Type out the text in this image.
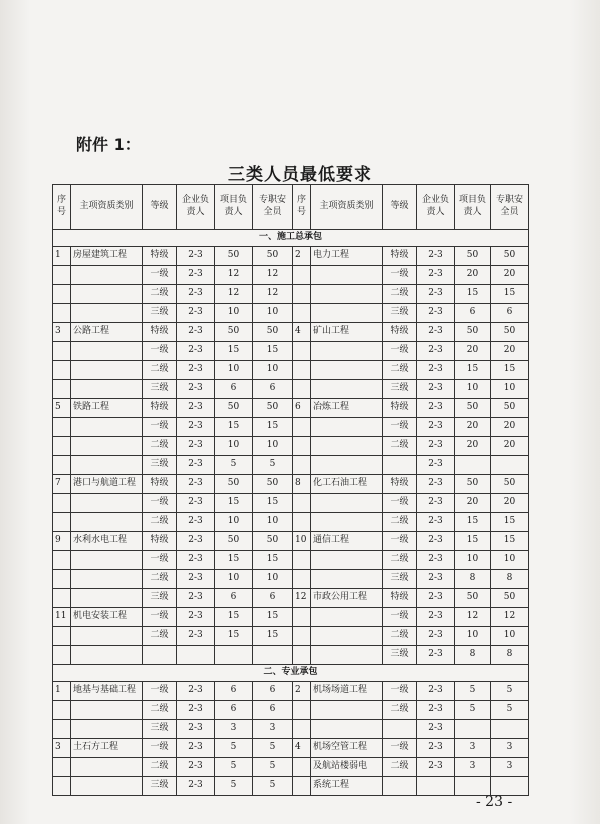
附件 1：
三类人员最低要求
序号	主项资质类别	等级	企业负责人	项目负责人	专职安全员	序号	主项资质类别	等级	企业负责人	项目负责人	专职安全员
一、施工总承包											
1	房屋建筑工程	特级	2-3	50	50	2	电力工程	特级	2-3	50	50
		一级	2-3	12	12			一级	2-3	20	20
		二级	2-3	12	12			二级	2-3	15	15
		三级	2-3	10	10			三级	2-3	6	6
3	公路工程	特级	2-3	50	50	4	矿山工程	特级	2-3	50	50
		一级	2-3	15	15			一级	2-3	20	20
		二级	2-3	10	10			二级	2-3	15	15
		三级	2-3	6	6			三级	2-3	10	10
5	铁路工程	特级	2-3	50	50	6	冶炼工程	特级	2-3	50	50
		一级	2-3	15	15			一级	2-3	20	20
		二级	2-3	10	10			二级	2-3	20	20
		三级	2-3	5	5				2-3		
7	港口与航道工程	特级	2-3	50	50	8	化工石油工程	特级	2-3	50	50
		一级	2-3	15	15			一级	2-3	20	20
		二级	2-3	10	10			二级	2-3	15	15
9	水利水电工程	特级	2-3	50	50	10	通信工程	一级	2-3	15	15
		一级	2-3	15	15			二级	2-3	10	10
		二级	2-3	10	10			三级	2-3	8	8
		三级	2-3	6	6	12	市政公用工程	特级	2-3	50	50
11	机电安装工程	一级	2-3	15	15			一级	2-3	12	12
		二级	2-3	15	15			二级	2-3	10	10
								三级	2-3	8	8
二、专业承包											
1	地基与基础工程	一级	2-3	6	6	2	机场场道工程	一级	2-3	5	5
		二级	2-3	6	6			二级	2-3	5	5
		三级	2-3	3	3				2-3		
3	土石方工程	一级	2-3	5	5	4	机场空管工程	一级	2-3	3	3
		二级	2-3	5	5		及航站楼弱电	二级	2-3	3	3
		三级	2-3	5	5		系统工程				
- 23 -
